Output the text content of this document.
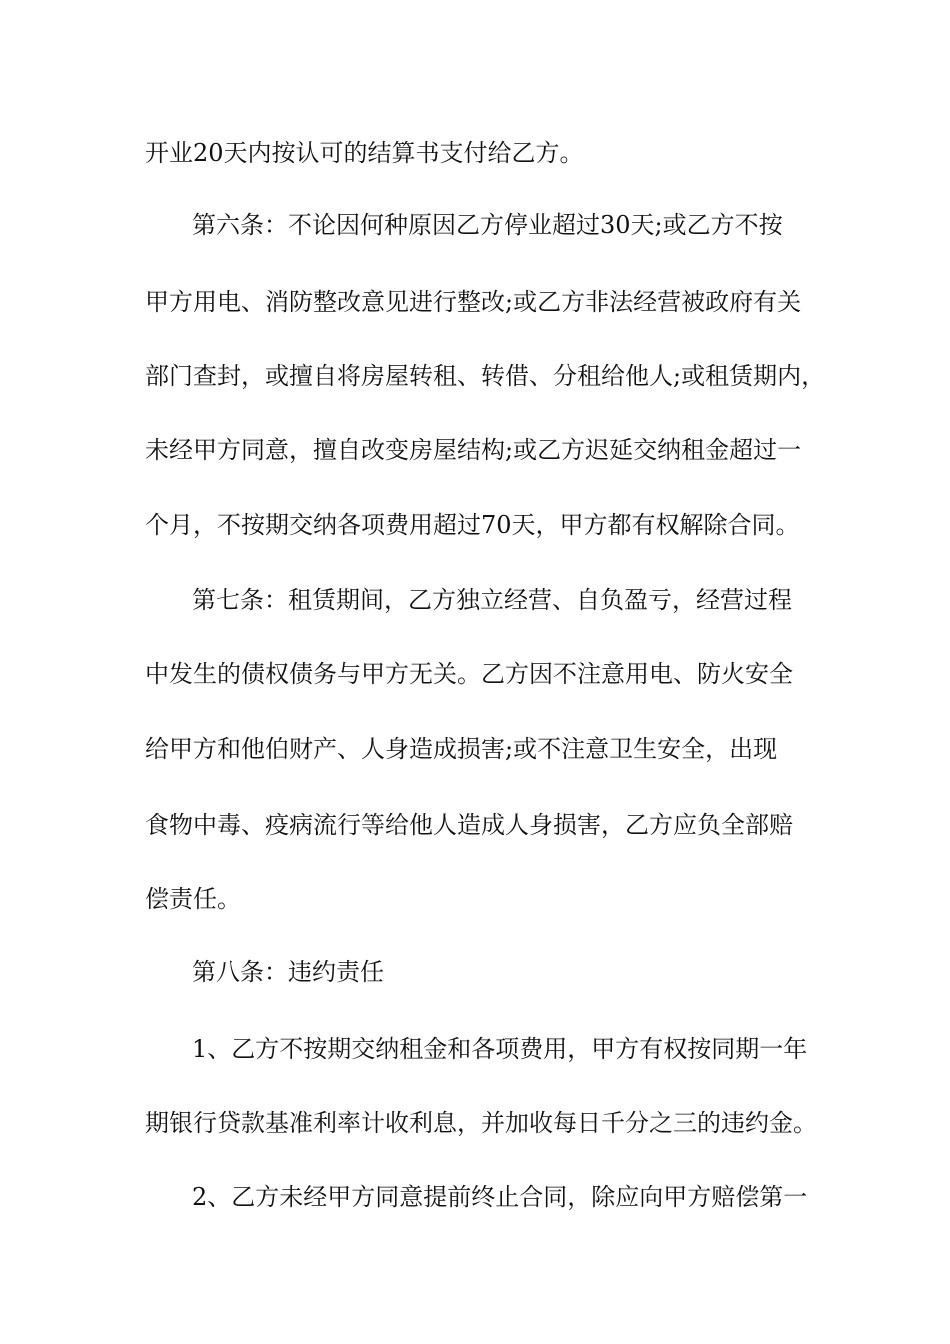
开业20天内按认可的结算书支付给乙方。
第六条：不论因何种原因乙方停业超过30天;或乙方不按
甲方用电、消防整改意见进行整改;或乙方非法经营被政府有关
部门查封，或擅自将房屋转租、转借、分租给他人;或租赁期内，
未经甲方同意，擅自改变房屋结构;或乙方迟延交纳租金超过一
个月，不按期交纳各项费用超过70天，甲方都有权解除合同。
第七条：租赁期间，乙方独立经营、自负盈亏，经营过程
中发生的债权债务与甲方无关。乙方因不注意用电、防火安全
给甲方和他伯财产、人身造成损害;或不注意卫生安全，出现
食物中毒、疫病流行等给他人造成人身损害，乙方应负全部赔
偿责任。
第八条：违约责任
1、乙方不按期交纳租金和各项费用，甲方有权按同期一年
期银行贷款基准利率计收利息，并加收每日千分之三的违约金。
2、乙方未经甲方同意提前终止合同，除应向甲方赔偿第一
